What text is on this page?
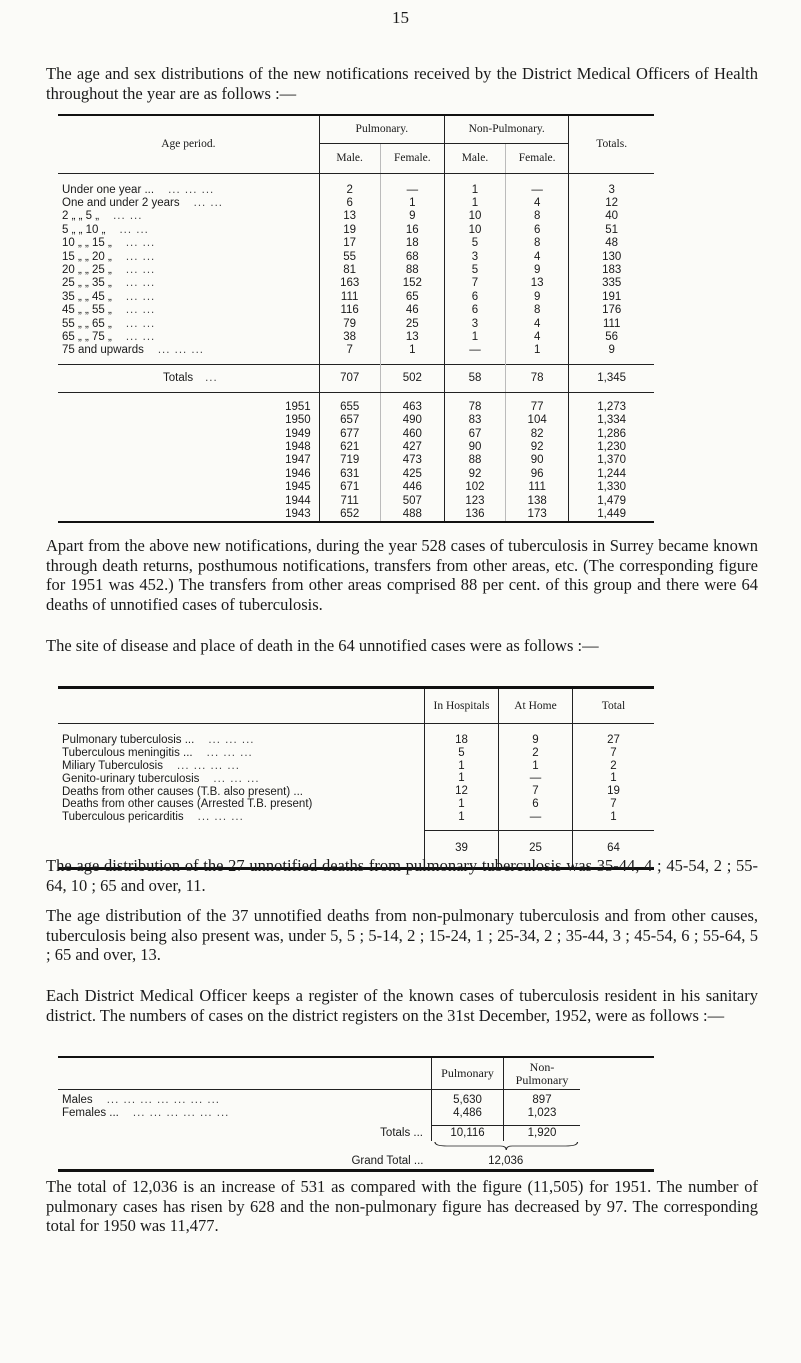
15

The age and sex distributions of the new notifications received by the District Medical Officers of Health throughout the year are as follows :—

Age period.	Pulmonary.		Non-Pulmonary.		Totals.
	Male.	Female.	Male.	Female.	

Under one year ... ... ... ...	2	—	1	—	3
One and under 2 years ... ...	6	1	1	4	12
2 „ „ 5 „ ... ...	13	9	10	8	40
5 „ „ 10 „ ... ...	19	16	10	6	51
10 „ „ 15 „ ... ...	17	18	5	8	48
15 „ „ 20 „ ... ...	55	68	3	4	130
20 „ „ 25 „ ... ...	81	88	5	9	183
25 „ „ 35 „ ... ...	163	152	7	13	335
35 „ „ 45 „ ... ...	111	65	6	9	191
45 „ „ 55 „ ... ...	116	46	6	8	176
55 „ „ 65 „ ... ...	79	25	3	4	111
65 „ „ 75 „ ... ...	38	13	1	4	56
75 and upwards ... ... ...	7	1	—	1	9

Totals ...	707	502	58	78	1,345

1951	655	463	78	77	1,273
1950	657	490	83	104	1,334
1949	677	460	67	82	1,286
1948	621	427	90	92	1,230
1947	719	473	88	90	1,370
1946	631	425	92	96	1,244
1945	671	446	102	111	1,330
1944	711	507	123	138	1,479
1943	652	488	136	173	1,449

Apart from the above new notifications, during the year 528 cases of tuberculosis in Surrey became known through death returns, posthumous notifications, transfers from other areas, etc. (The corresponding figure for 1951 was 452.) The transfers from other areas comprised 88 per cent. of this group and there were 64 deaths of unnotified cases of tuberculosis.

The site of disease and place of death in the 64 unnotified cases were as follows :—

	In Hospitals	At Home	Total

Pulmonary tuberculosis ... ... ... ...	18	9	27
Tuberculous meningitis ... ... ... ...	5	2	7
Miliary Tuberculosis ... ... ... ...	1	1	2
Genito-urinary tuberculosis ... ... ...	1	—	1
Deaths from other causes (T.B. also present) ...	12	7	19
Deaths from other causes (Arrested T.B. present)	1	6	7
Tuberculous pericarditis ... ... ...	1	—	1

	39	25	64

The age distribution of the 27 unnotified deaths from pulmonary tuberculosis was 35-44, 4 ; 45-54, 2 ; 55-64, 10 ; 65 and over, 11.

The age distribution of the 37 unnotified deaths from non-pulmonary tuberculosis and from other causes, tuberculosis being also present was, under 5, 5 ; 5-14, 2 ; 15-24, 1 ; 25-34, 2 ; 35-44, 3 ; 45-54, 6 ; 55-64, 5 ; 65 and over, 13.

Each District Medical Officer keeps a register of the known cases of tuberculosis resident in his sanitary district. The numbers of cases on the district registers on the 31st December, 1952, were as follows :—

	Pulmonary	Non-Pulmonary	

Males ... ... ... ... ... ... ...	5,630	897	
Females ... ... ... ... ... ... ...	4,486	1,023	

Totals ...	10,116	1,920	

Grand Total ...	12,036		

The total of 12,036 is an increase of 531 as compared with the figure (11,505) for 1951. The number of pulmonary cases has risen by 628 and the non-pulmonary figure has decreased by 97. The corresponding total for 1950 was 11,477.
